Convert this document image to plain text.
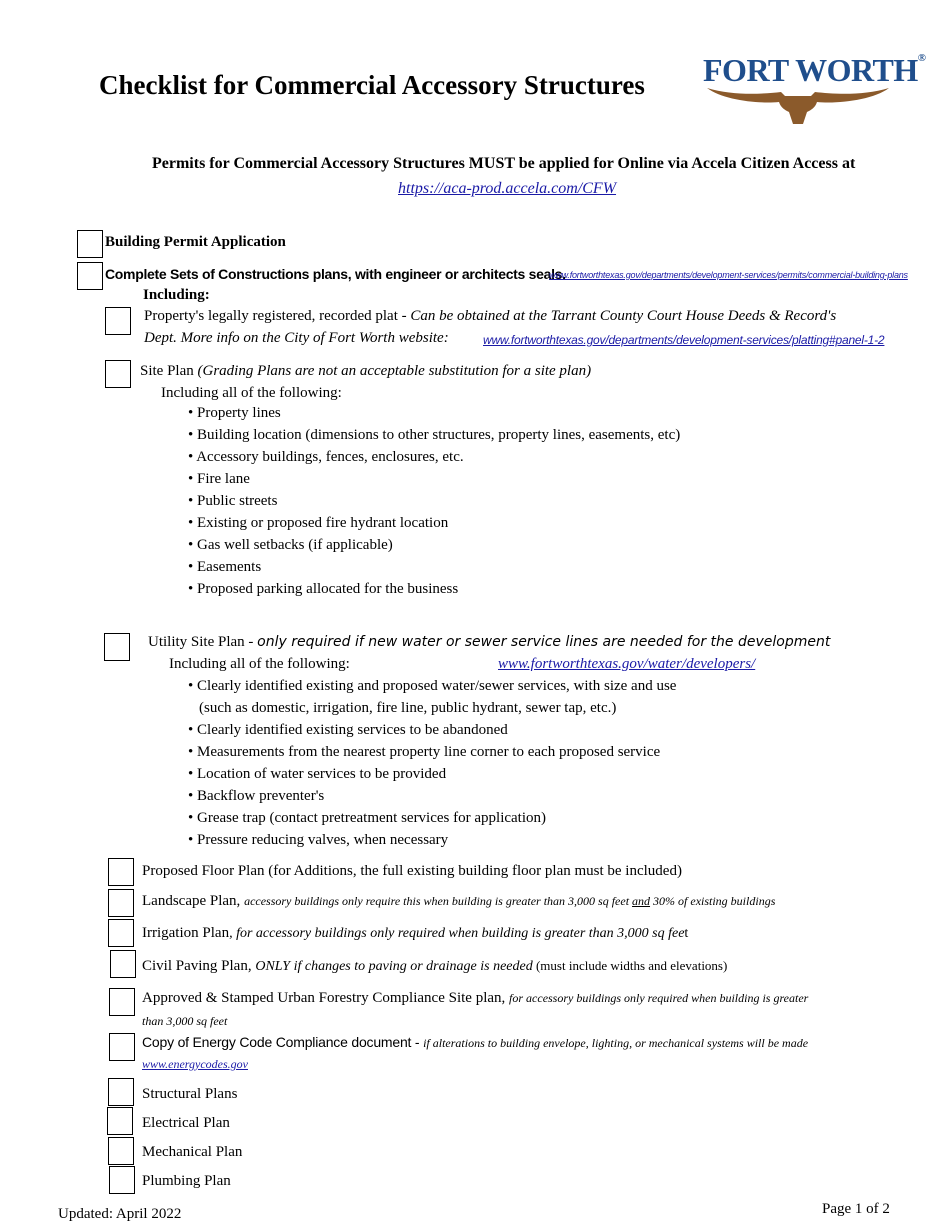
Checklist for Commercial Accessory Structures FORT WORTH®
Permits for Commercial Accessory Structures MUST be applied for Online via Accela Citizen Access at
https://aca-prod.accela.com/CFW
Building Permit Application
Complete Sets of Constructions plans, with engineer or architects seals.
www.fortworthtexas.gov/departments/development-services/permits/commercial-building-plans
Including:
Property's legally registered, recorded plat - Can be obtained at the Tarrant County Court House Deeds & Record's
Dept. More info on the City of Fort Worth website:	www.fortworthtexas.gov/departments/development-services/platting#panel-1-2
Site Plan (Grading Plans are not an acceptable substitution for a site plan)
Including all of the following:
• Property lines
• Building location (dimensions to other structures, property lines, easements, etc)
• Accessory buildings, fences, enclosures, etc.
• Fire lane
• Public streets
• Existing or proposed fire hydrant location
• Gas well setbacks (if applicable)
• Easements
• Proposed parking allocated for the business
Utility Site Plan - only required if new water or sewer service lines are needed for the development
Including all of the following:	www.fortworthtexas.gov/water/developers/
• Clearly identified existing and proposed water/sewer services, with size and use
(such as domestic, irrigation, fire line, public hydrant, sewer tap, etc.)
• Clearly identified existing services to be abandoned
• Measurements from the nearest property line corner to each proposed service
• Location of water services to be provided
• Backflow preventer's
• Grease trap (contact pretreatment services for application)
• Pressure reducing valves, when necessary
Proposed Floor Plan (for Additions, the full existing building floor plan must be included)
Landscape Plan, accessory buildings only require this when building is greater than 3,000 sq feet and 30% of existing buildings
Irrigation Plan, for accessory buildings only required when building is greater than 3,000 sq feet
Civil Paving Plan, ONLY if changes to paving or drainage is needed (must include widths and elevations)
Approved & Stamped Urban Forestry Compliance Site plan, for accessory buildings only required when building is greater
than 3,000 sq feet
Copy of Energy Code Compliance document - if alterations to building envelope, lighting, or mechanical systems will be made
www.energycodes.gov
Structural Plans
Electrical Plan
Mechanical Plan
Plumbing Plan
Updated: April 2022	Page 1 of 2
